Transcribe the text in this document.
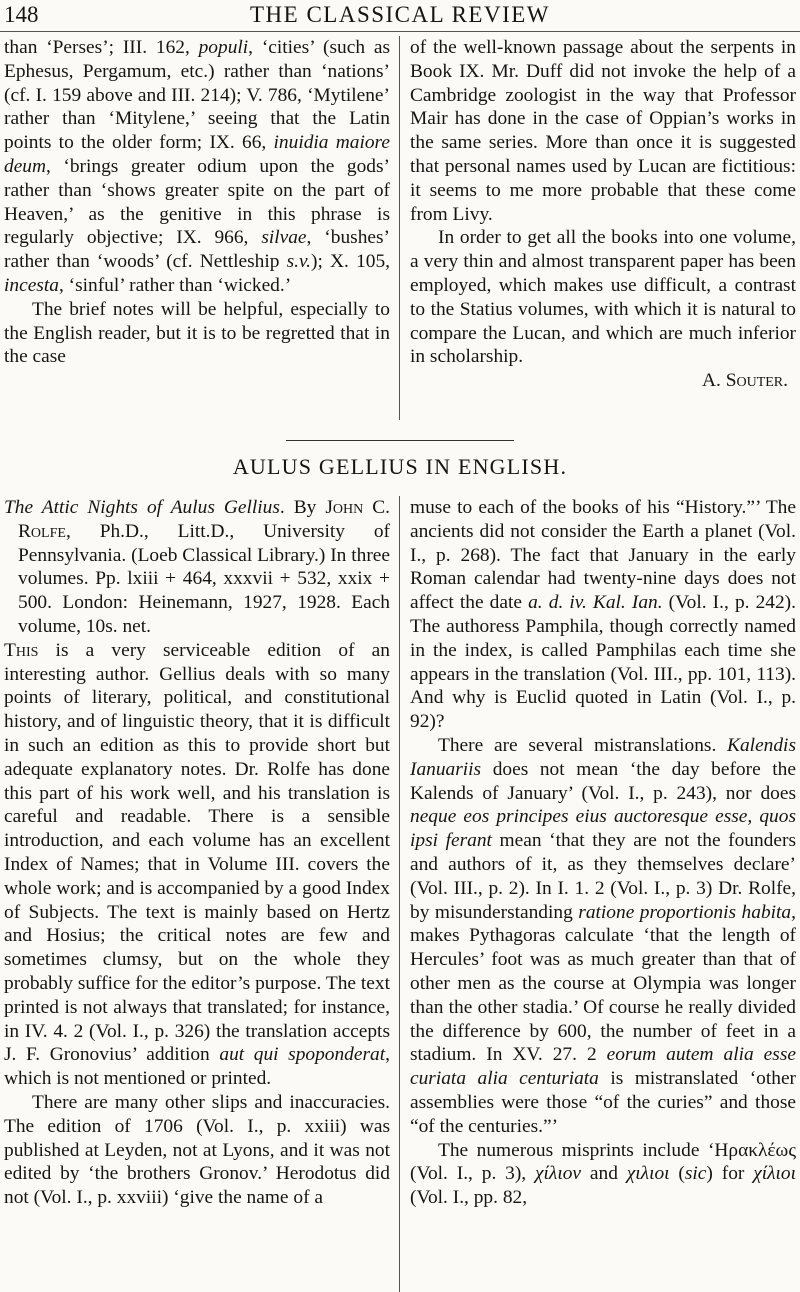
148	THE CLASSICAL REVIEW

than ‘Perses’; III. 162, populi, ‘cities’ (such as Ephesus, Pergamum, etc.) rather than ‘nations’ (cf. I. 159 above and III. 214); V. 786, ‘Mytilene’ rather than ‘Mitylene,’ seeing that the Latin points to the older form; IX. 66, inuidia maiore deum, ‘brings greater odium upon the gods’ rather than ‘shows greater spite on the part of Heaven,’ as the genitive in this phrase is regularly objective; IX. 966, silvae, ‘bushes’ rather than ‘woods’ (cf. Nettleship s.v.); X. 105, incesta, ‘sinful’ rather than ‘wicked.’

The brief notes will be helpful, especially to the English reader, but it is to be regretted that in the case

of the well-known passage about the serpents in Book IX. Mr. Duff did not invoke the help of a Cambridge zoologist in the way that Professor Mair has done in the case of Oppian’s works in the same series. More than once it is suggested that personal names used by Lucan are fictitious: it seems to me more probable that these come from Livy.

In order to get all the books into one volume, a very thin and almost transparent paper has been employed, which makes use difficult, a contrast to the Statius volumes, with which it is natural to compare the Lucan, and which are much inferior in scholarship.

A. Souter.

AULUS GELLIUS IN ENGLISH.

The Attic Nights of Aulus Gellius. By John C. Rolfe, Ph.D., Litt.D., University of Pennsylvania. (Loeb Classical Library.) In three volumes. Pp. lxiii + 464, xxxvii + 532, xxix + 500. London: Heinemann, 1927, 1928. Each volume, 10s. net.

This is a very serviceable edition of an interesting author. Gellius deals with so many points of literary, political, and constitutional history, and of linguistic theory, that it is difficult in such an edition as this to provide short but adequate explanatory notes. Dr. Rolfe has done this part of his work well, and his translation is careful and readable. There is a sensible introduction, and each volume has an excellent Index of Names; that in Volume III. covers the whole work; and is accompanied by a good Index of Subjects. The text is mainly based on Hertz and Hosius; the critical notes are few and sometimes clumsy, but on the whole they probably suffice for the editor’s purpose. The text printed is not always that translated; for instance, in IV. 4. 2 (Vol. I., p. 326) the translation accepts J. F. Gronovius’ addition aut qui spoponderat, which is not mentioned or printed.

There are many other slips and inaccuracies. The edition of 1706 (Vol. I., p. xxiii) was published at Leyden, not at Lyons, and it was not edited by ‘the brothers Gronov.’ Herodotus did not (Vol. I., p. xxviii) ‘give the name of a

muse to each of the books of his “History.”’ The ancients did not consider the Earth a planet (Vol. I., p. 268). The fact that January in the early Roman calendar had twenty-nine days does not affect the date a. d. iv. Kal. Ian. (Vol. I., p. 242). The authoress Pamphila, though correctly named in the index, is called Pamphilas each time she appears in the translation (Vol. III., pp. 101, 113). And why is Euclid quoted in Latin (Vol. I., p. 92)?

There are several mistranslations. Kalendis Ianuariis does not mean ‘the day before the Kalends of January’ (Vol. I., p. 243), nor does neque eos principes eius auctoresque esse, quos ipsi ferant mean ‘that they are not the founders and authors of it, as they themselves declare’ (Vol. III., p. 2). In I. 1. 2 (Vol. I., p. 3) Dr. Rolfe, by misunderstanding ratione proportionis habita, makes Pythagoras calculate ‘that the length of Hercules’ foot was as much greater than that of other men as the course at Olympia was longer than the other stadia.’ Of course he really divided the difference by 600, the number of feet in a stadium. In XV. 27. 2 eorum autem alia esse curiata alia centuriata is mistranslated ‘other assemblies were those “of the curies” and those “of the centuries.”’

The numerous misprints include ‘Ηρακλέως (Vol. I., p. 3), χίλιον and χιλιοι (sic) for χίλιοι (Vol. I., pp. 82,
